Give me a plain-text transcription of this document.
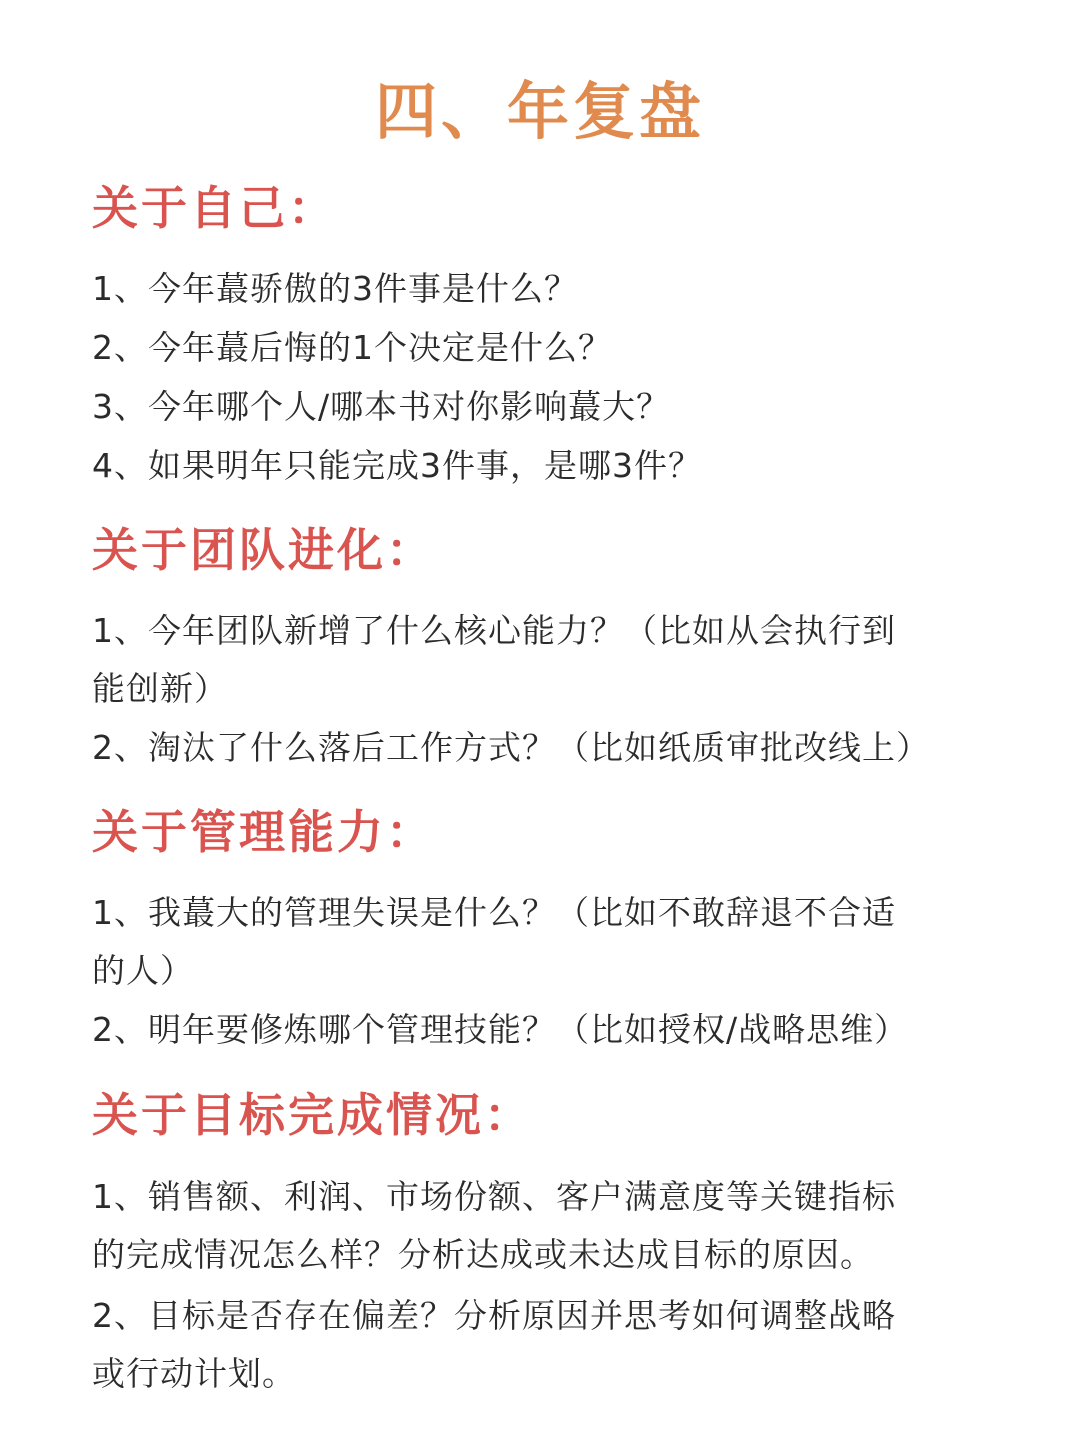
四、年复盘
关于自己：
1、今年蕞骄傲的3件事是什么？
2、今年蕞后悔的1个决定是什么？
3、今年哪个人/哪本书对你影响蕞大？
4、如果明年只能完成3件事，是哪3件？
关于团队进化：
1、今年团队新增了什么核心能力？（比如从会执行到
能创新）
2、淘汰了什么落后工作方式？（比如纸质审批改线上）
关于管理能力：
1、我蕞大的管理失误是什么？（比如不敢辞退不合适
的人）
2、明年要修炼哪个管理技能？（比如授权/战略思维）
关于目标完成情况：
1、销售额、利润、市场份额、客户满意度等关键指标
的完成情况怎么样？分析达成或未达成目标的原因。
2、目标是否存在偏差？分析原因并思考如何调整战略
或行动计划。
